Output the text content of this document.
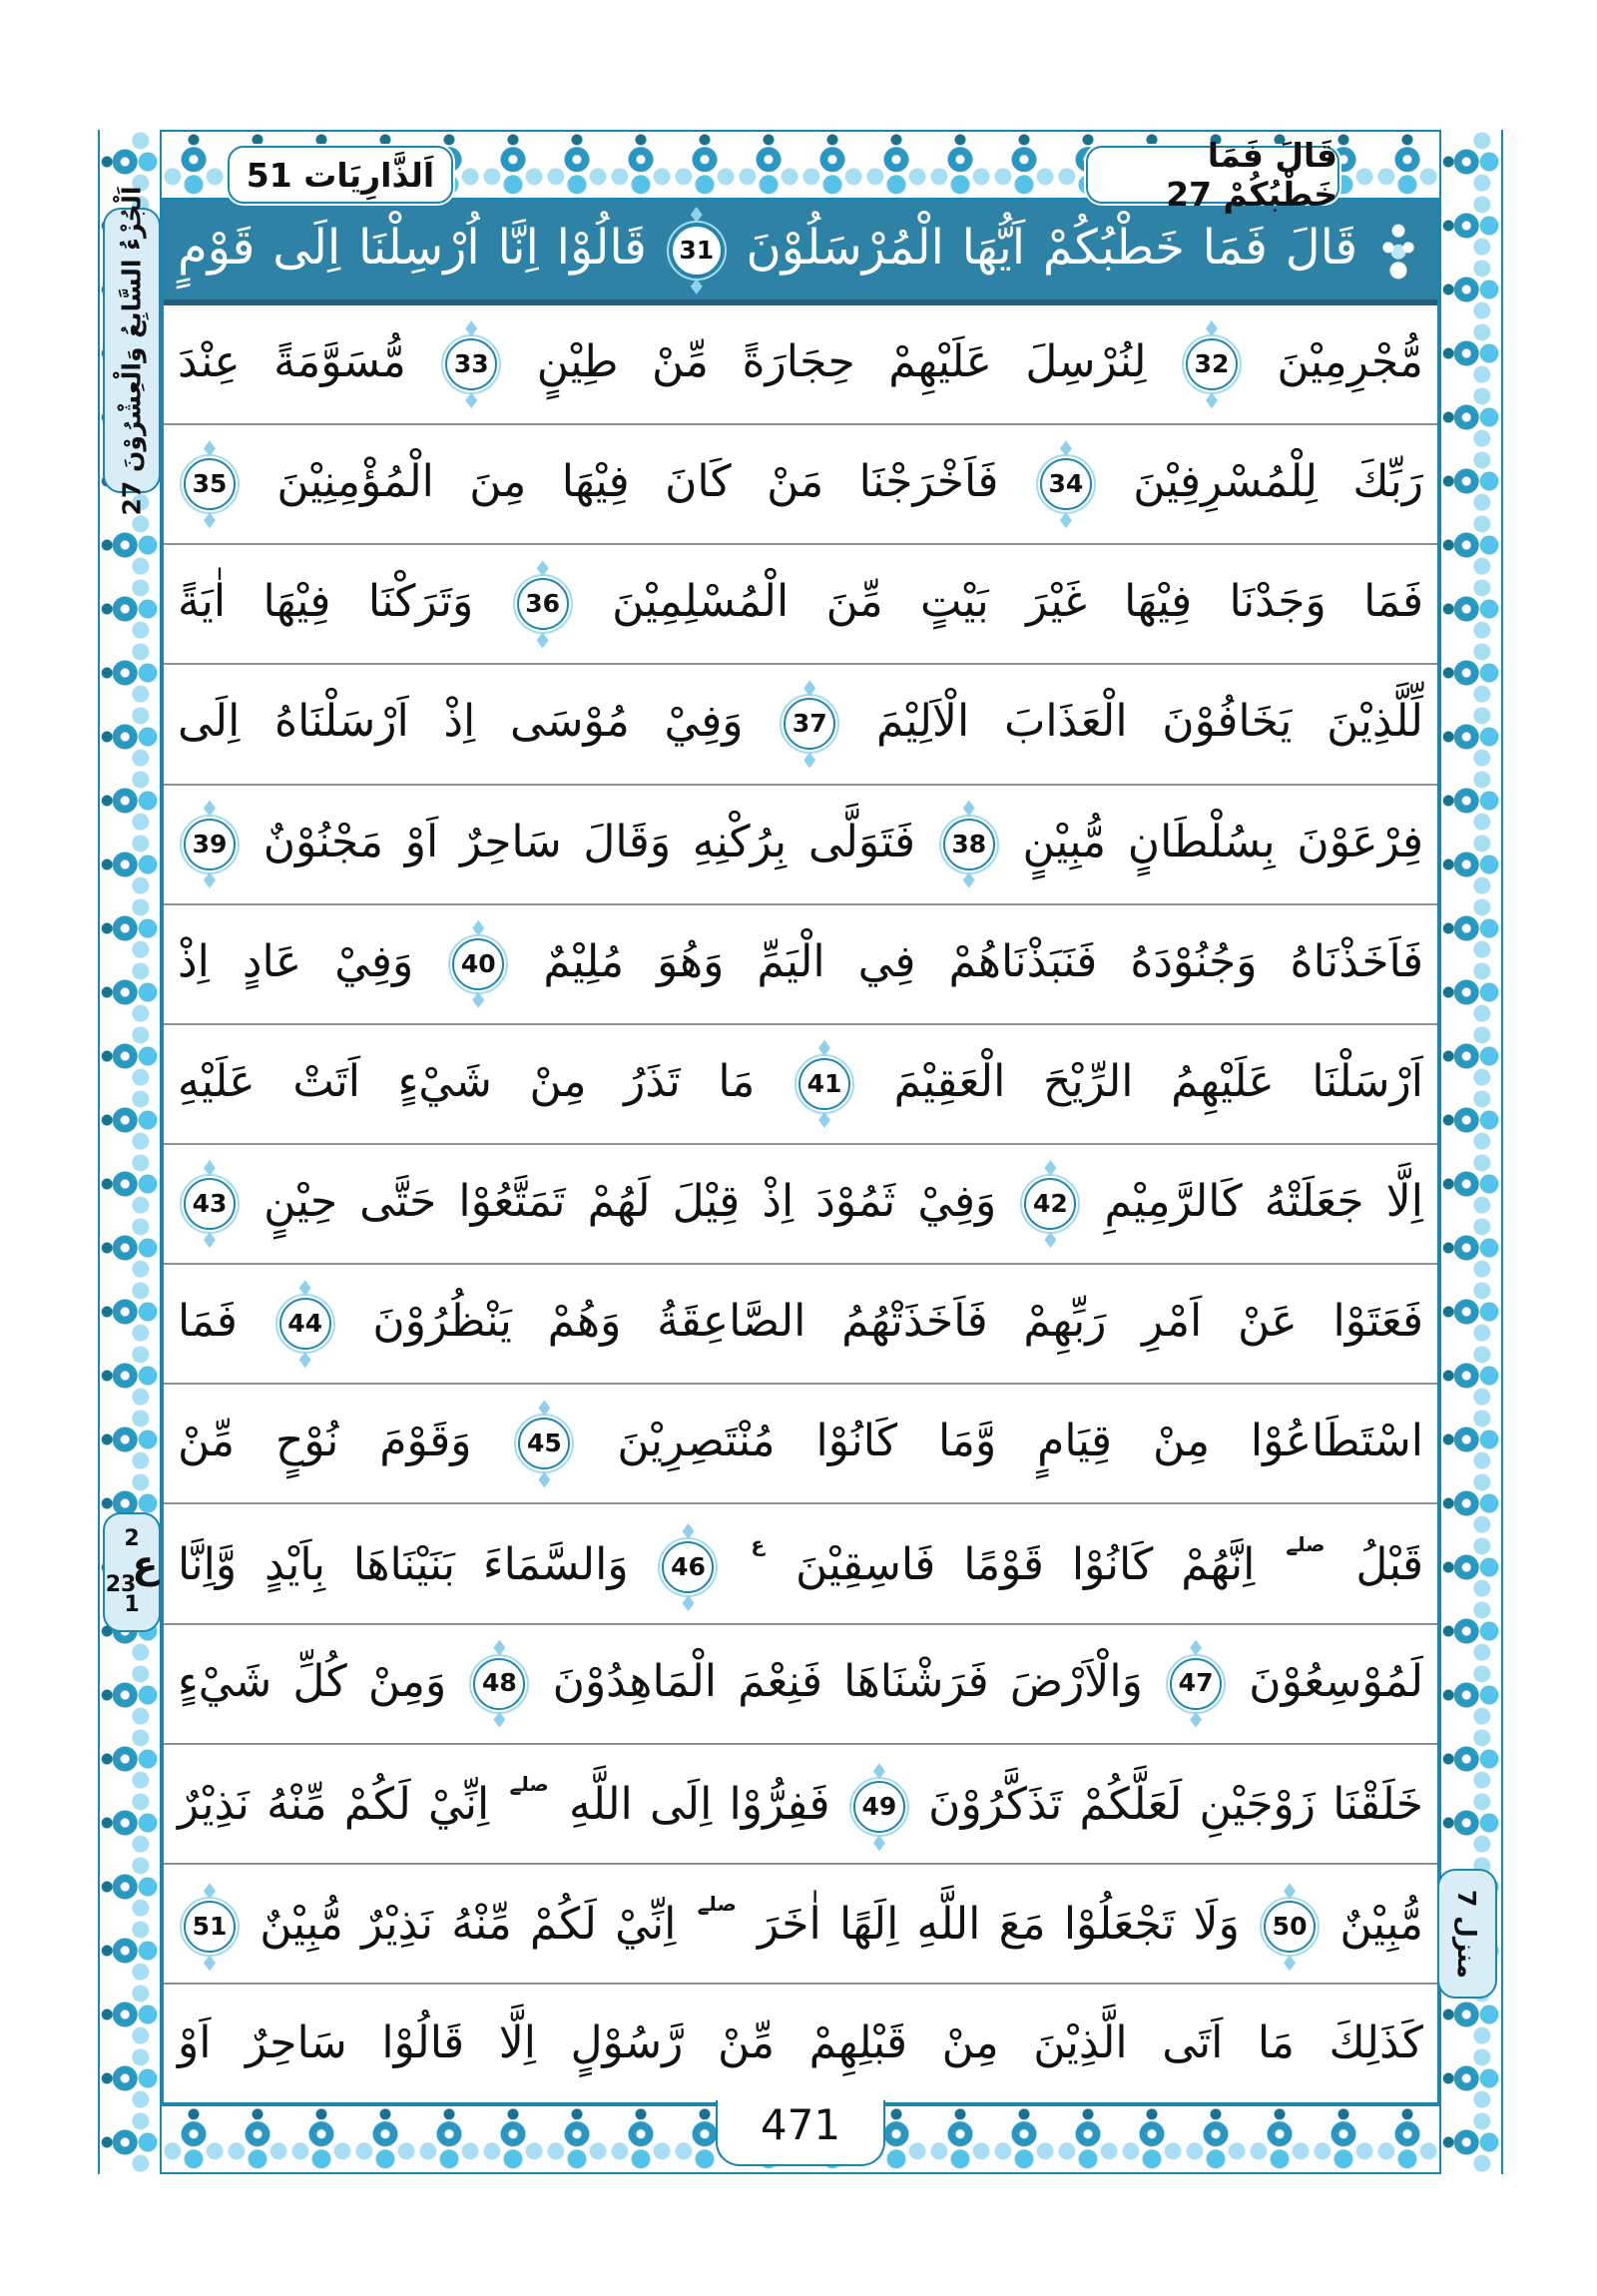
اَلذَّارِيَات 51	قَالَ فَمَا خَطْبُكُمْ 27
اَلْجُزْءُ السَّابِعُ وَالْعِشْرُوْنَ 27
2
ع$_{23}$
1
منزل 7
471
قَالَ فَمَا خَطْبُكُمْ اَيُّهَا الْمُرْسَلُوْنَ 31 قَالُوْا اِنَّا اُرْسِلْنَا اِلَى قَوْمٍ
مُّجْرِمِيْنَ 32 لِنُرْسِلَ عَلَيْهِمْ حِجَارَةً مِّنْ طِيْنٍ 33 مُّسَوَّمَةً عِنْدَ
رَبِّكَ لِلْمُسْرِفِيْنَ 34 فَاَخْرَجْنَا مَنْ كَانَ فِيْهَا مِنَ الْمُؤْمِنِيْنَ 35
فَمَا وَجَدْنَا فِيْهَا غَيْرَ بَيْتٍ مِّنَ الْمُسْلِمِيْنَ 36 وَتَرَكْنَا فِيْهَا اٰيَةً
لِّلَّذِيْنَ يَخَافُوْنَ الْعَذَابَ الْاَلِيْمَ 37 وَفِيْ مُوْسَى اِذْ اَرْسَلْنَاهُ اِلَى
فِرْعَوْنَ بِسُلْطَانٍ مُّبِيْنٍ 38 فَتَوَلَّى بِرُكْنِهِ وَقَالَ سَاحِرٌ اَوْ مَجْنُوْنٌ 39
فَاَخَذْنَاهُ وَجُنُوْدَهُ فَنَبَذْنَاهُمْ فِي الْيَمِّ وَهُوَ مُلِيْمٌ 40 وَفِيْ عَادٍ اِذْ
اَرْسَلْنَا عَلَيْهِمُ الرِّيْحَ الْعَقِيْمَ 41 مَا تَذَرُ مِنْ شَيْءٍ اَتَتْ عَلَيْهِ
اِلَّا جَعَلَتْهُ كَالرَّمِيْمِ 42 وَفِيْ ثَمُوْدَ اِذْ قِيْلَ لَهُمْ تَمَتَّعُوْا حَتَّى حِيْنٍ 43
فَعَتَوْا عَنْ اَمْرِ رَبِّهِمْ فَاَخَذَتْهُمُ الصَّاعِقَةُ وَهُمْ يَنْظُرُوْنَ 44 فَمَا
اسْتَطَاعُوْا مِنْ قِيَامٍ وَّمَا كَانُوْا مُنْتَصِرِيْنَ 45 وَقَوْمَ نُوْحٍ مِّنْ
قَبْلُ $^{صلے}$ اِنَّهُمْ كَانُوْا قَوْمًا فَاسِقِيْنَ $^ع$ 46 وَالسَّمَاءَ بَنَيْنَاهَا بِاَيْدٍ وَّاِنَّا
لَمُوْسِعُوْنَ 47 وَالْاَرْضَ فَرَشْنَاهَا فَنِعْمَ الْمَاهِدُوْنَ 48 وَمِنْ كُلِّ شَيْءٍ
خَلَقْنَا زَوْجَيْنِ لَعَلَّكُمْ تَذَكَّرُوْنَ 49 فَفِرُّوْا اِلَى اللَّهِ $^{صلے}$ اِنِّيْ لَكُمْ مِّنْهُ نَذِيْرٌ
مُّبِيْنٌ 50 وَلَا تَجْعَلُوْا مَعَ اللَّهِ اِلَهًا اٰخَرَ $^{صلے}$ اِنِّيْ لَكُمْ مِّنْهُ نَذِيْرٌ مُّبِيْنٌ 51
كَذَلِكَ مَا اَتَى الَّذِيْنَ مِنْ قَبْلِهِمْ مِّنْ رَّسُوْلٍ اِلَّا قَالُوْا سَاحِرٌ اَوْ
